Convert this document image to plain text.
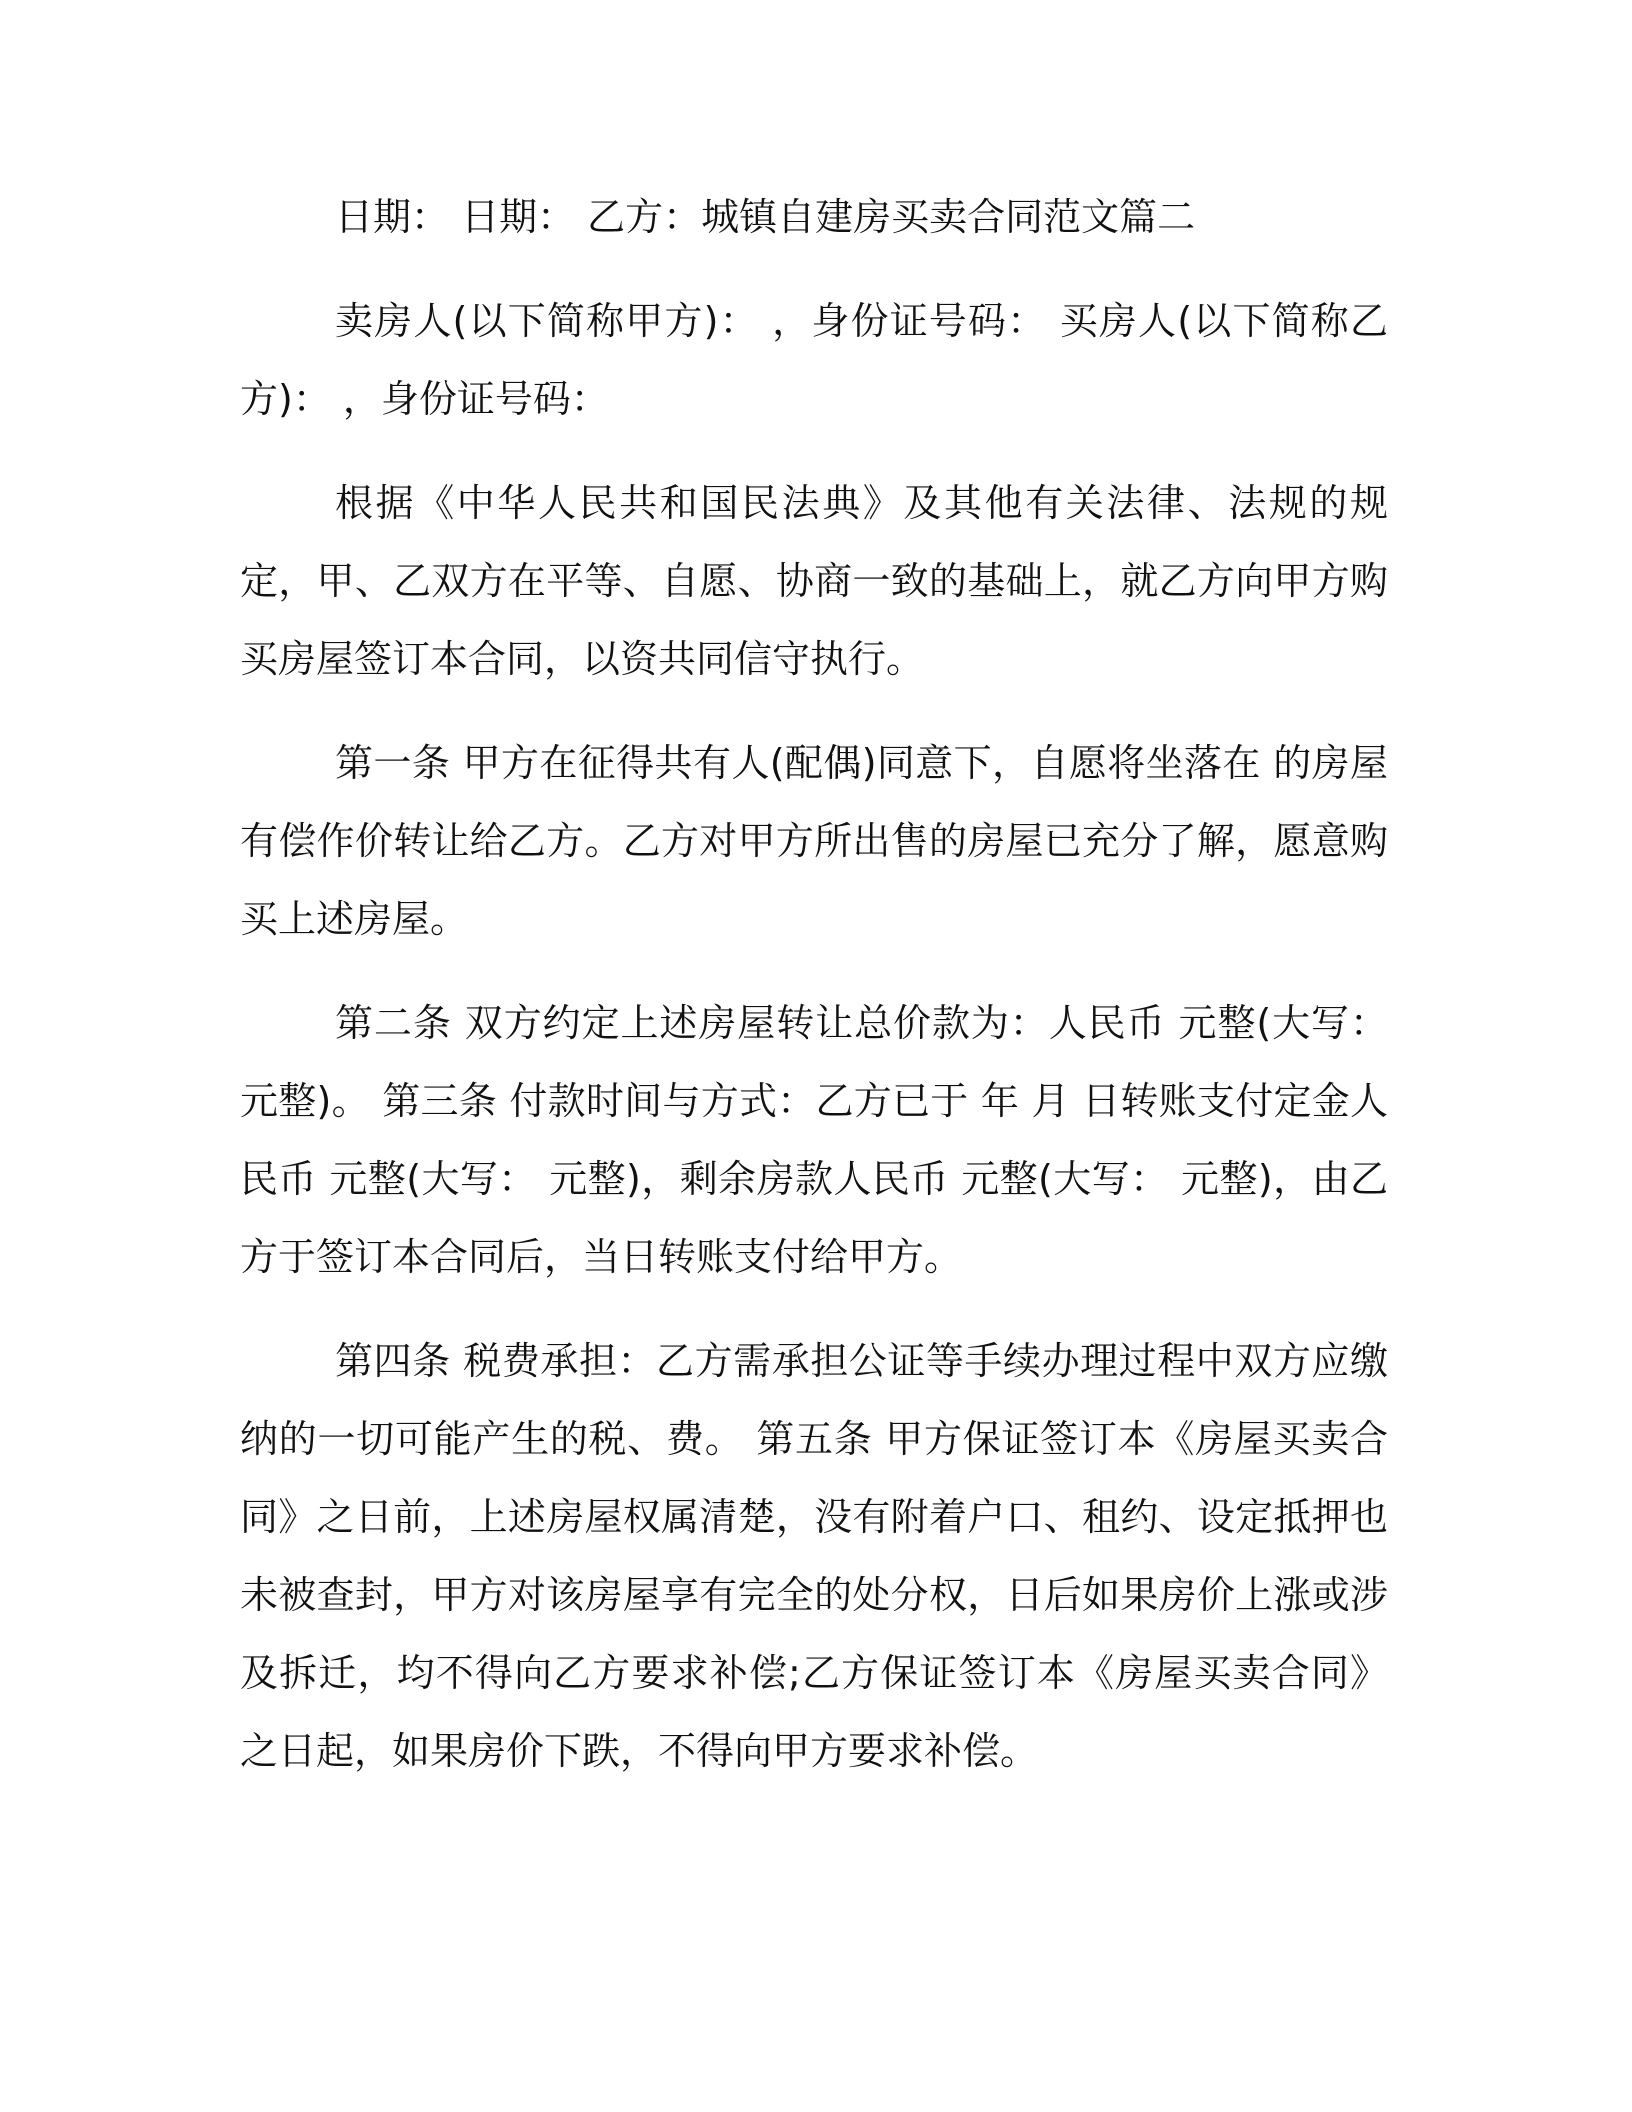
日期： 日期： 乙方：城镇自建房买卖合同范文篇二

卖房人(以下简称甲方)： ，身份证号码： 买房人(以下简称乙方)： ，身份证号码：

根据《中华人民共和国民法典》及其他有关法律、法规的规定，甲、乙双方在平等、自愿、协商一致的基础上，就乙方向甲方购买房屋签订本合同，以资共同信守执行。

第一条 甲方在征得共有人(配偶)同意下，自愿将坐落在 的房屋有偿作价转让给乙方。乙方对甲方所出售的房屋已充分了解，愿意购买上述房屋。

第二条 双方约定上述房屋转让总价款为：人民币 元整(大写： 元整)。 第三条 付款时间与方式：乙方已于 年 月 日转账支付定金人民币 元整(大写： 元整)，剩余房款人民币 元整(大写： 元整)，由乙方于签订本合同后，当日转账支付给甲方。

第四条 税费承担：乙方需承担公证等手续办理过程中双方应缴纳的一切可能产生的税、费。 第五条 甲方保证签订本《房屋买卖合同》之日前，上述房屋权属清楚，没有附着户口、租约、设定抵押也未被查封，甲方对该房屋享有完全的处分权，日后如果房价上涨或涉及拆迁，均不得向乙方要求补偿;乙方保证签订本《房屋买卖合同》之日起，如果房价下跌，不得向甲方要求补偿。
